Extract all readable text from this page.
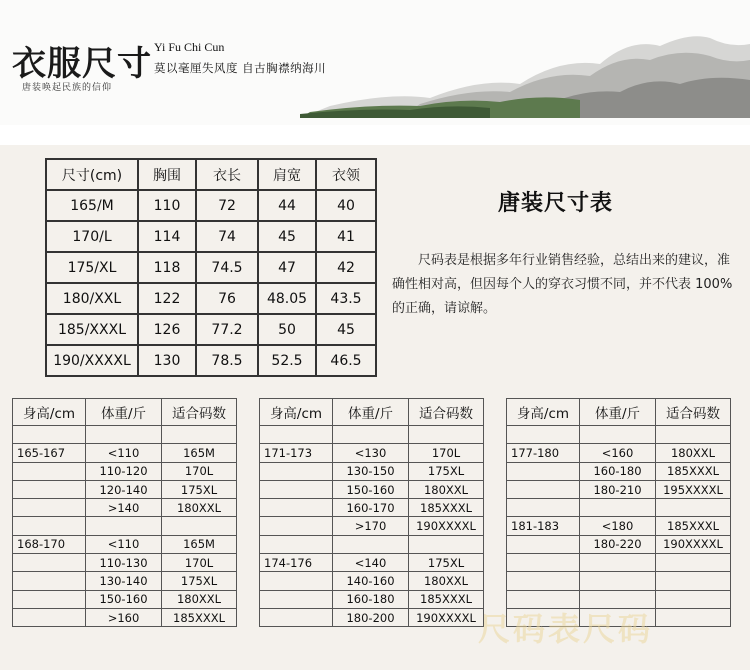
衣服尺寸
唐装唤起民族的信仰
Yi Fu Chi Cun
莫以毫厘失风度 自古胸襟纳海川
尺寸(cm)	胸围	衣长	肩宽	衣领
165/M	110	72	44	40
170/L	114	74	45	41
175/XL	118	74.5	47	42
180/XXL	122	76	48.05	43.5
185/XXXL	126	77.2	50	45
190/XXXXL	130	78.5	52.5	46.5
唐装尺寸表

尺码表是根据多年行业销售经验，总结出来的建议，准确性相对高，但因每个人的穿衣习惯不同，并不代表 100% 的正确，请谅解。

身高/cm	体重/斤	适合码数

165-167	<110	165M
	110-120	170L
	120-140	175XL
	>140	180XXL

168-170	<110	165M
	110-130	170L
	130-140	175XL
	150-160	180XXL
	>160	185XXXL
身高/cm	体重/斤	适合码数

171-173	<130	170L
	130-150	175XL
	150-160	180XXL
	160-170	185XXXL
	>170	190XXXXL

174-176	<140	175XL
	140-160	180XXL
	160-180	185XXXL
	180-200	190XXXXL
身高/cm	体重/斤	适合码数

177-180	<160	180XXL
	160-180	185XXXL
	180-210	195XXXXL

181-183	<180	185XXXL
	180-220	190XXXXL

尺码表尺码
